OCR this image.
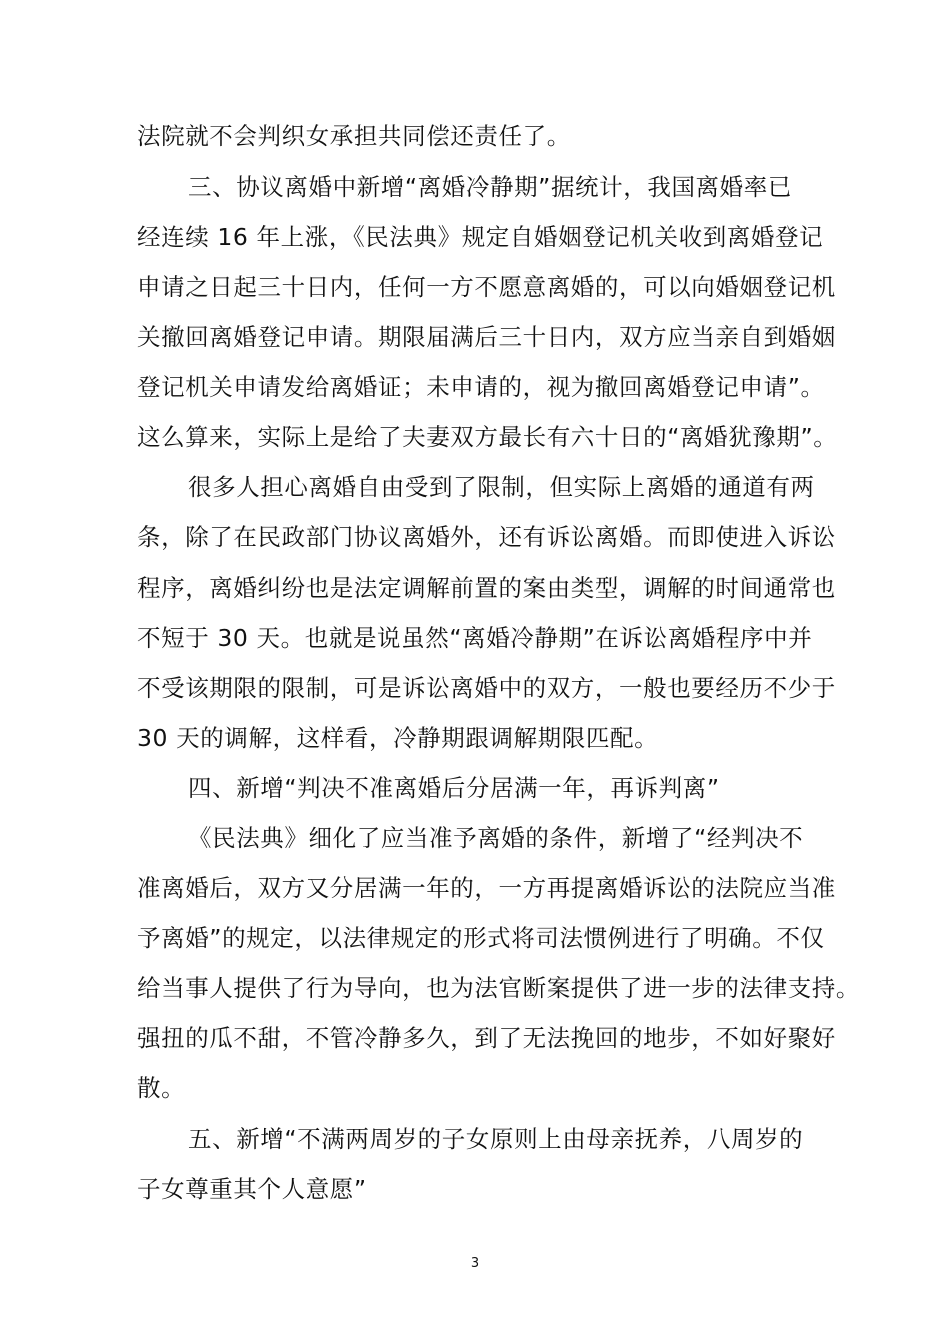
法院就不会判织女承担共同偿还责任了。
三、协议离婚中新增“离婚冷静期”据统计，我国离婚率已
经连续 16 年上涨，《民法典》规定自婚姻登记机关收到离婚登记
申请之日起三十日内，任何一方不愿意离婚的，可以向婚姻登记机
关撤回离婚登记申请。期限届满后三十日内，双方应当亲自到婚姻
登记机关申请发给离婚证；未申请的，视为撤回离婚登记申请”。
这么算来，实际上是给了夫妻双方最长有六十日的“离婚犹豫期”。
很多人担心离婚自由受到了限制，但实际上离婚的通道有两
条，除了在民政部门协议离婚外，还有诉讼离婚。而即使进入诉讼
程序，离婚纠纷也是法定调解前置的案由类型，调解的时间通常也
不短于 30 天。也就是说虽然“离婚冷静期”在诉讼离婚程序中并
不受该期限的限制，可是诉讼离婚中的双方，一般也要经历不少于
30 天的调解，这样看，冷静期跟调解期限匹配。
四、新增“判决不准离婚后分居满一年，再诉判离”
《民法典》细化了应当准予离婚的条件，新增了“经判决不
准离婚后，双方又分居满一年的，一方再提离婚诉讼的法院应当准
予离婚”的规定，以法律规定的形式将司法惯例进行了明确。不仅
给当事人提供了行为导向，也为法官断案提供了进一步的法律支持。
强扭的瓜不甜，不管冷静多久，到了无法挽回的地步，不如好聚好
散。
五、新增“不满两周岁的子女原则上由母亲抚养，八周岁的
子女尊重其个人意愿”
3
